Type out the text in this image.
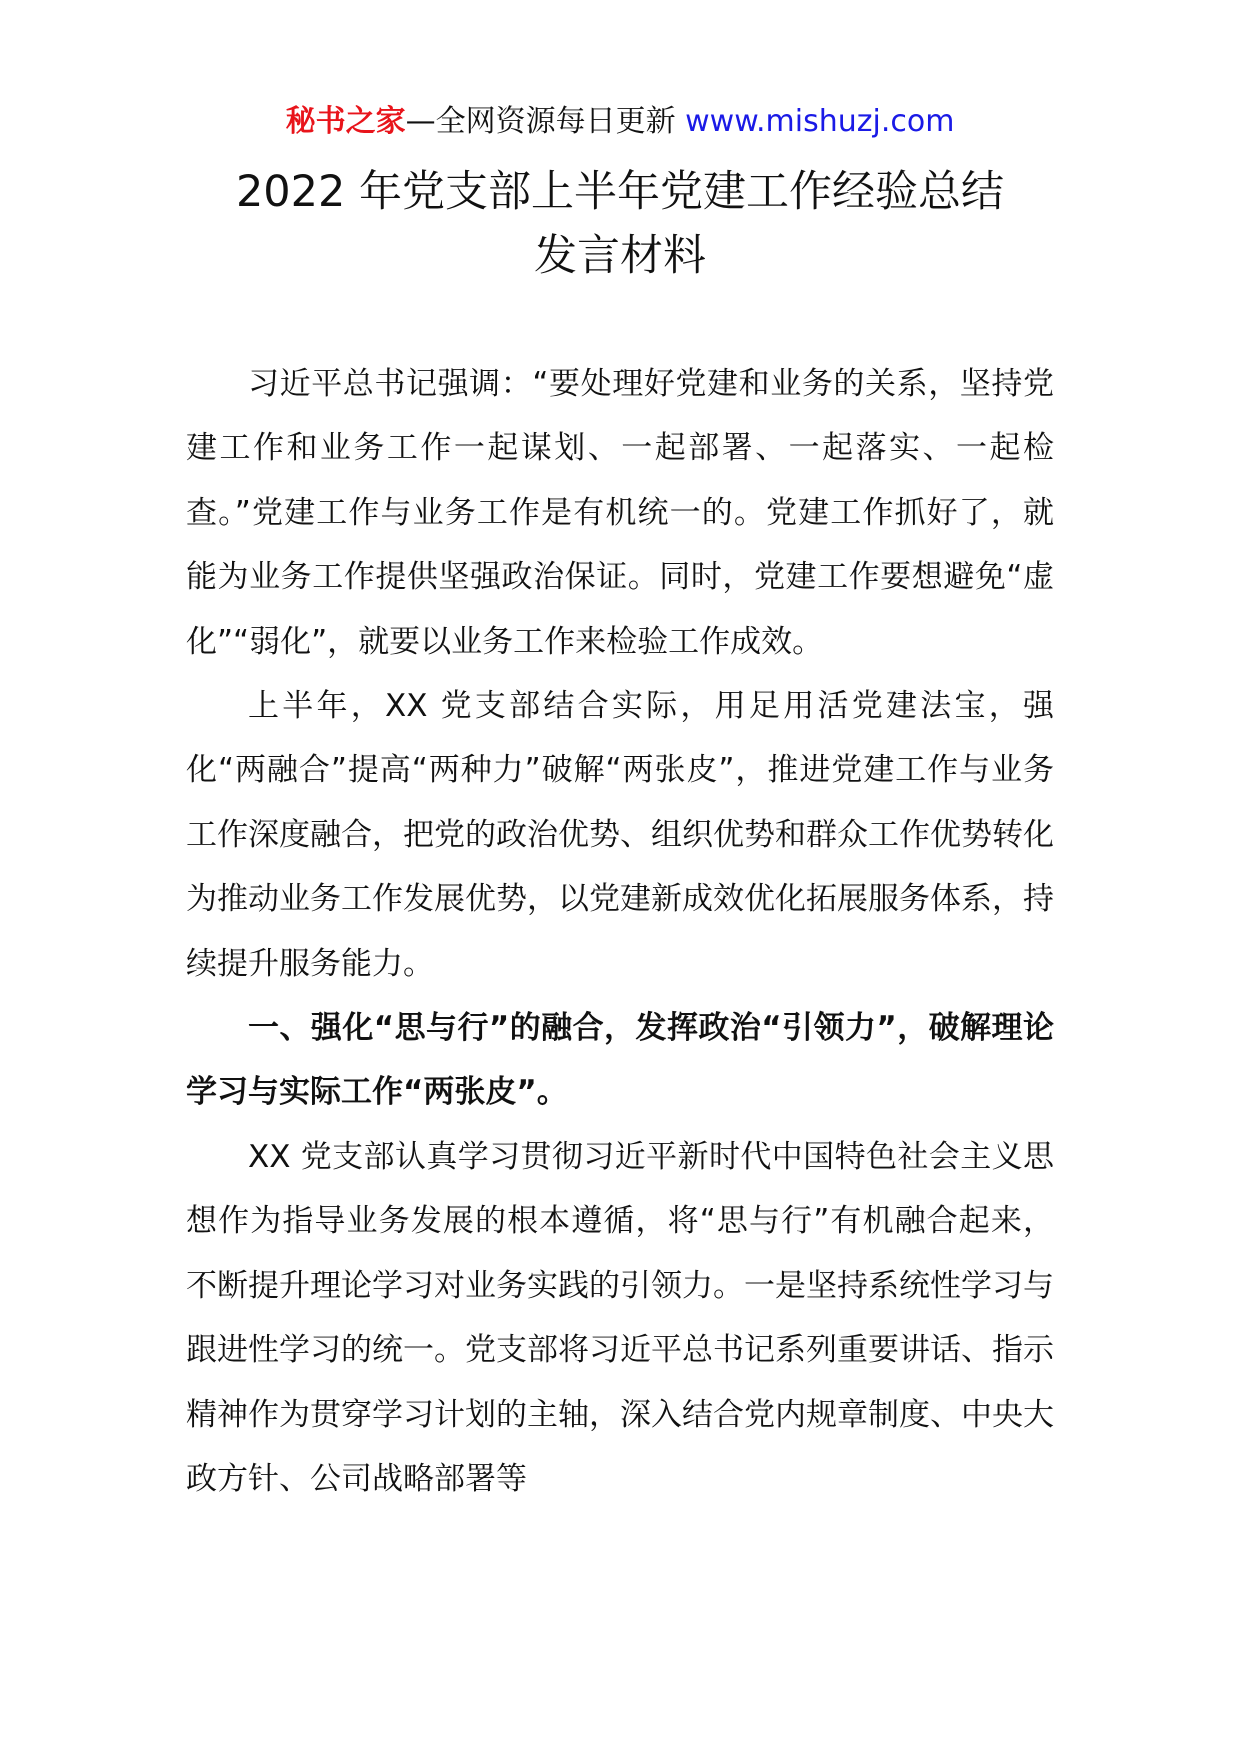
秘书之家—全网资源每日更新 www.mishuzj.com
2022 年党支部上半年党建工作经验总结
发言材料

习近平总书记强调：“要处理好党建和业务的关系，坚持党建工作和业务工作一起谋划、一起部署、一起落实、一起检查。”党建工作与业务工作是有机统一的。党建工作抓好了，就能为业务工作提供坚强政治保证。同时，党建工作要想避免“虚化”“弱化”，就要以业务工作来检验工作成效。

上半年，XX 党支部结合实际，用足用活党建法宝，强化“两融合”提高“两种力”破解“两张皮”，推进党建工作与业务工作深度融合，把党的政治优势、组织优势和群众工作优势转化为推动业务工作发展优势，以党建新成效优化拓展服务体系，持续提升服务能力。

一、强化“思与行”的融合，发挥政治“引领力”，破解理论学习与实际工作“两张皮”。

XX 党支部认真学习贯彻习近平新时代中国特色社会主义思想作为指导业务发展的根本遵循，将“思与行”有机融合起来，不断提升理论学习对业务实践的引领力。一是坚持系统性学习与跟进性学习的统一。党支部将习近平总书记系列重要讲话、指示精神作为贯穿学习计划的主轴，深入结合党内规章制度、中央大政方针、公司战略部署等
